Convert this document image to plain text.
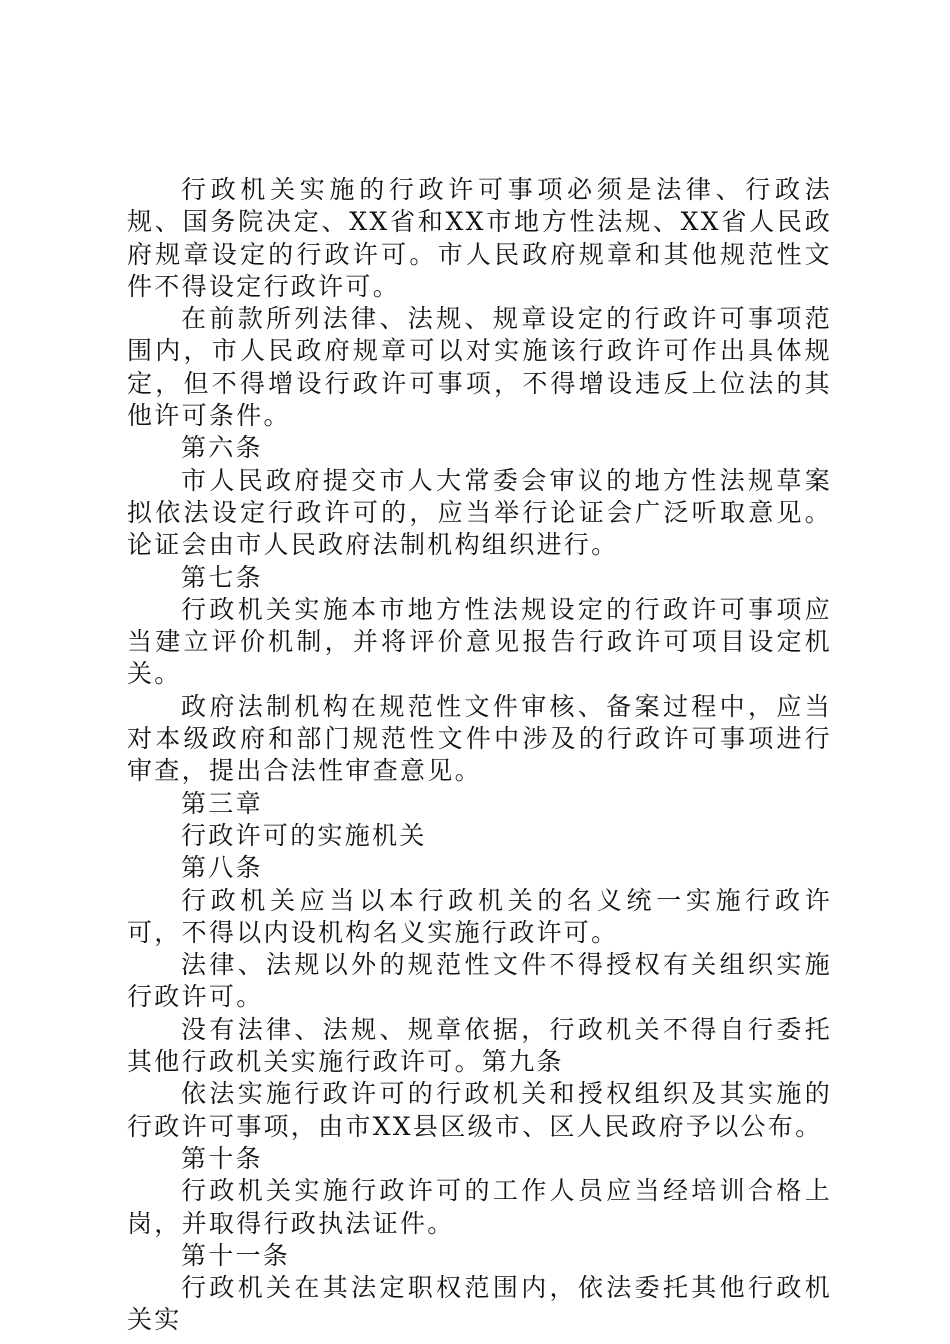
行政机关实施的行政许可事项必须是法律、行政法规、国务院决定、XX省和XX市地方性法规、XX省人民政府规章设定的行政许可。市人民政府规章和其他规范性文件不得设定行政许可。

在前款所列法律、法规、规章设定的行政许可事项范围内，市人民政府规章可以对实施该行政许可作出具体规定，但不得增设行政许可事项，不得增设违反上位法的其他许可条件。

第六条

市人民政府提交市人大常委会审议的地方性法规草案拟依法设定行政许可的，应当举行论证会广泛听取意见。论证会由市人民政府法制机构组织进行。

第七条

行政机关实施本市地方性法规设定的行政许可事项应当建立评价机制，并将评价意见报告行政许可项目设定机关。

政府法制机构在规范性文件审核、备案过程中，应当对本级政府和部门规范性文件中涉及的行政许可事项进行审查，提出合法性审查意见。

第三章

行政许可的实施机关

第八条

行政机关应当以本行政机关的名义统一实施行政许可，不得以内设机构名义实施行政许可。

法律、法规以外的规范性文件不得授权有关组织实施行政许可。

没有法律、法规、规章依据，行政机关不得自行委托其他行政机关实施行政许可。第九条

依法实施行政许可的行政机关和授权组织及其实施的行政许可事项，由市XX县区级市、区人民政府予以公布。

第十条

行政机关实施行政许可的工作人员应当经培训合格上岗，并取得行政执法证件。

第十一条

行政机关在其法定职权范围内，依法委托其他行政机关实
